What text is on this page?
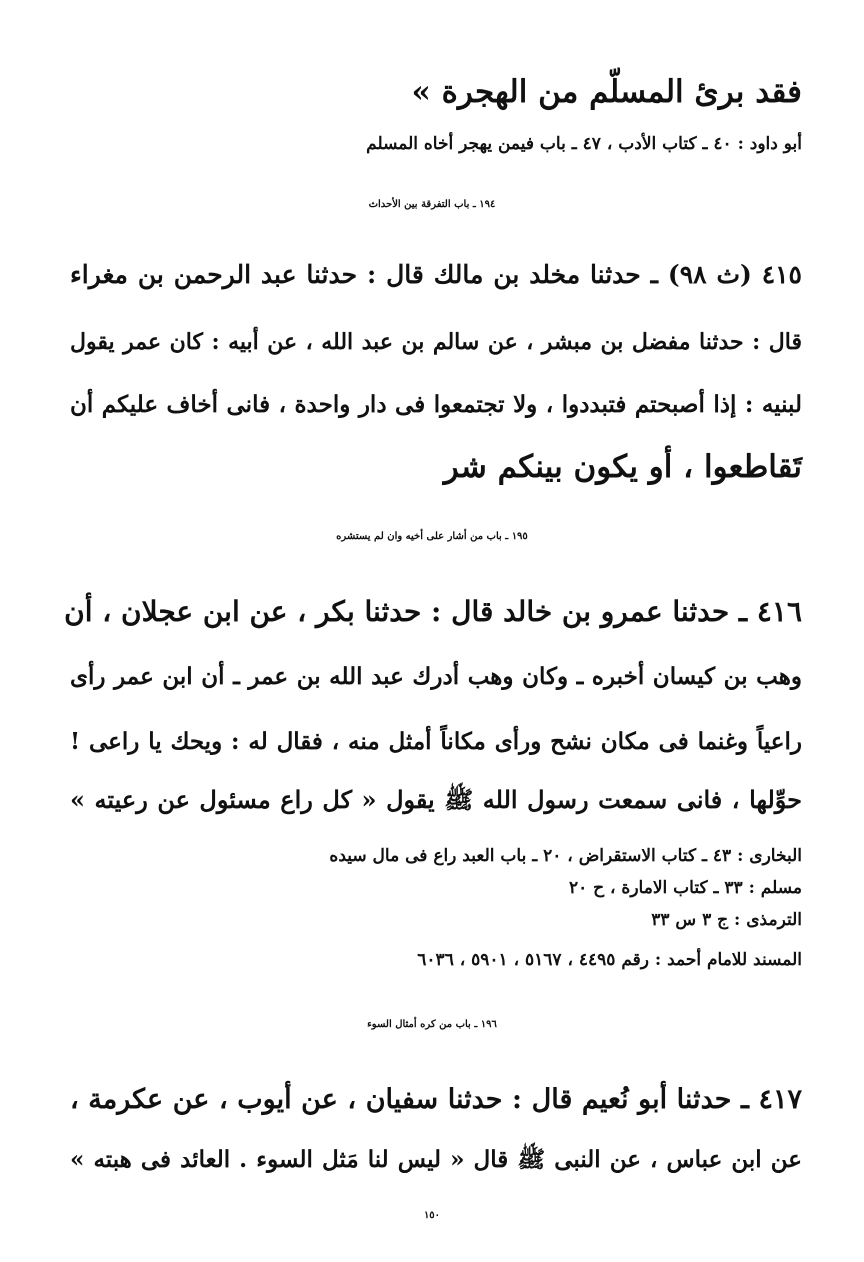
فقد برئ المسلّم من الهجرة »
أبو داود : ٤٠ ـ كتاب الأدب ، ٤٧ ـ باب فيمن يهجر أخاه المسلم
١٩٤ ـ باب التفرقة بين الأحداث
٤١٥ (ث ٩٨) ـ حدثنا مخلد بن مالك قال : حدثنا عبد الرحمن بن مغراء
قال : حدثنا مفضل بن مبشر ، عن سالم بن عبد الله ، عن أبيه : كان عمر يقول
لبنيه : إذا أصبحتم فتبددوا ، ولا تجتمعوا فى دار واحدة ، فانى أخاف عليكم أن
تَقاطعوا ، أو يكون بينكم شر
١٩٥ ـ باب من أشار على أخيه وان لم يستشره
٤١٦ ـ حدثنا عمرو بن خالد قال : حدثنا بكر ، عن ابن عجلان ، أن
وهب بن كيسان أخبره ـ وكان وهب أدرك عبد الله بن عمر ـ أن ابن عمر رأى
راعياً وغنما فى مكان نشح ورأى مكاناً أمثل منه ، فقال له : ويحك يا راعى !
حوِّلها ، فانى سمعت رسول الله ﷺ يقول « كل راع مسئول عن رعيته »
البخارى : ٤٣ ـ كتاب الاستقراض ، ٢٠ ـ باب العبد راع فى مال سيده
مسلم : ٣٣ ـ كتاب الامارة ، ح ٢٠
الترمذى : ج ٣ س ٣٣
المسند للامام أحمد : رقم ٤٤٩٥ ، ٥١٦٧ ، ٥٩٠١ ، ٦٠٣٦
١٩٦ ـ باب من كره أمثال السوء
٤١٧ ـ حدثنا أبو نُعيم قال : حدثنا سفيان ، عن أيوب ، عن عكرمة ،
عن ابن عباس ، عن النبى ﷺ قال « ليس لنا مَثل السوء . العائد فى هبته »
١٥٠
